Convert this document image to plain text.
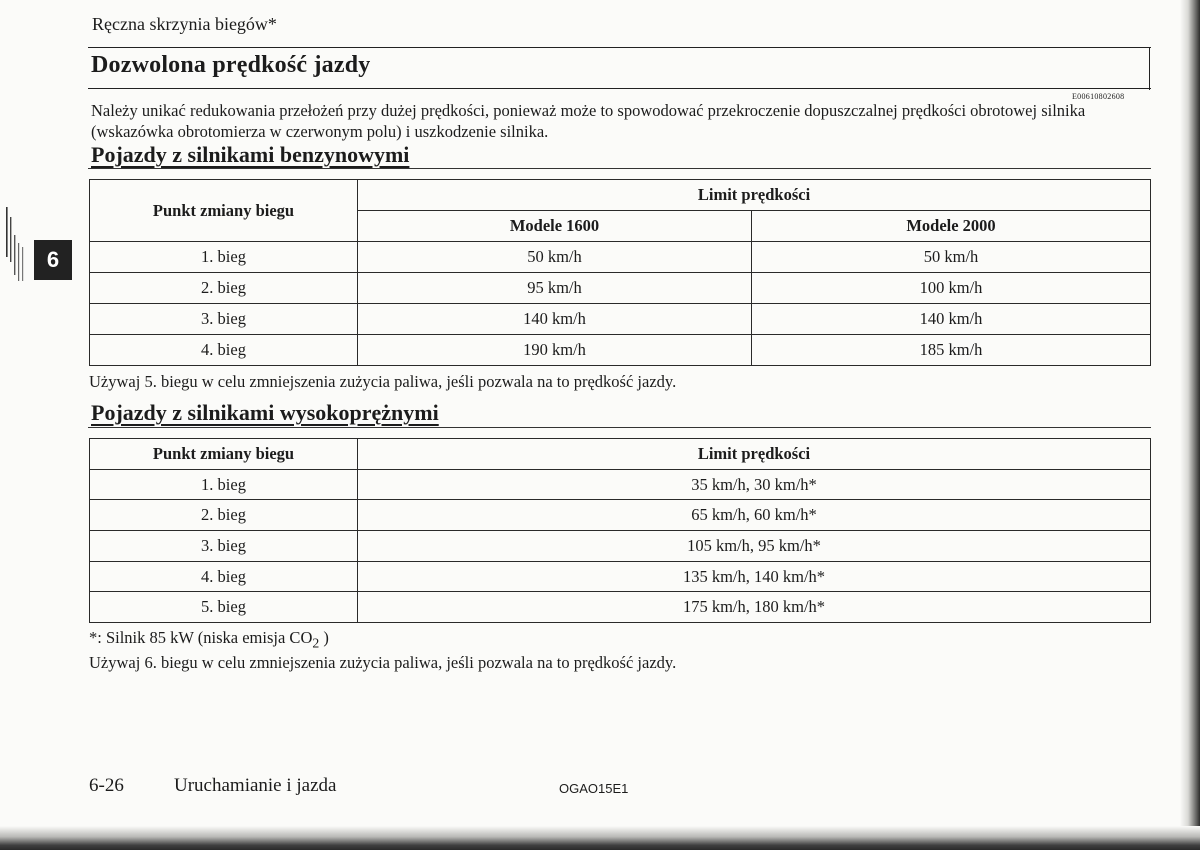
Ręczna skrzynia biegów*
Dozwolona prędkość jazdy
E00610802608
Należy unikać redukowania przełożeń przy dużej prędkości, ponieważ może to spowodować przekroczenie dopuszczalnej prędkości obrotowej silnika (wskazówka obrotomierza w czerwonym polu) i uszkodzenie silnika.
6
Pojazdy z silnikami benzynowymi
Punkt zmiany biegu	Limit prędkości	
	Modele 1600	Modele 2000
1. bieg	50 km/h	50 km/h
2. bieg	95 km/h	100 km/h
3. bieg	140 km/h	140 km/h
4. bieg	190 km/h	185 km/h
Używaj 5. biegu w celu zmniejszenia zużycia paliwa, jeśli pozwala na to prędkość jazdy.
Pojazdy z silnikami wysokoprężnymi
Punkt zmiany biegu	Limit prędkości
1. bieg	35 km/h, 30 km/h*
2. bieg	65 km/h, 60 km/h*
3. bieg	105 km/h, 95 km/h*
4. bieg	135 km/h, 140 km/h*
5. bieg	175 km/h, 180 km/h*
*: Silnik 85 kW (niska emisja $CO_2$ )
Używaj 6. biegu w celu zmniejszenia zużycia paliwa, jeśli pozwala na to prędkość jazdy.
6-26	Uruchamianie i jazda	OGAO15E1
